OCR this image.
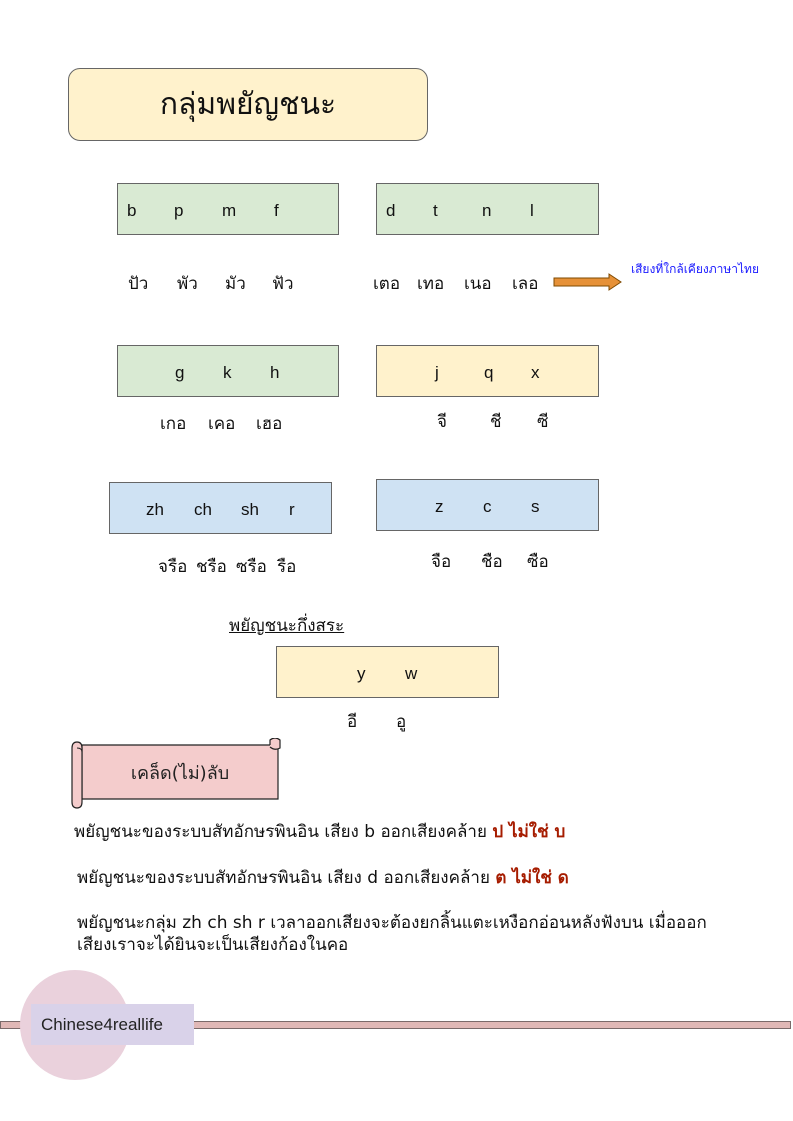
กลุ่มพยัญชนะ
b p m f
ปัว พัว มัว ฟัว
d t	n l
เตอ เทอ เนอ เลอ
เสียงที่ใกล้เคียงภาษาไทย
g k h
เกอ เคอ เฮอ
j	q x
จี	ชี ซี
zh ch sh r
จรือ ชรือ ซรือ รือ
z c s
จือ ชือ ซือ
พยัญชนะกึ่งสระ
y w
อี อู
เคล็ด(ไม่)ลับ
พยัญชนะของระบบสัทอักษรพินอิน เสียง b ออกเสียงคล้าย ป ไม่ใช่ บ
พยัญชนะของระบบสัทอักษรพินอิน เสียง d ออกเสียงคล้าย ต ไม่ใช่ ด
พยัญชนะกลุ่ม zh ch sh r เวลาออกเสียงจะต้องยกลิ้นแตะเหงือกอ่อนหลังฟังบน เมื่อออก
เสียงเราจะได้ยินจะเป็นเสียงก้องในคอ
Chinese4reallife
